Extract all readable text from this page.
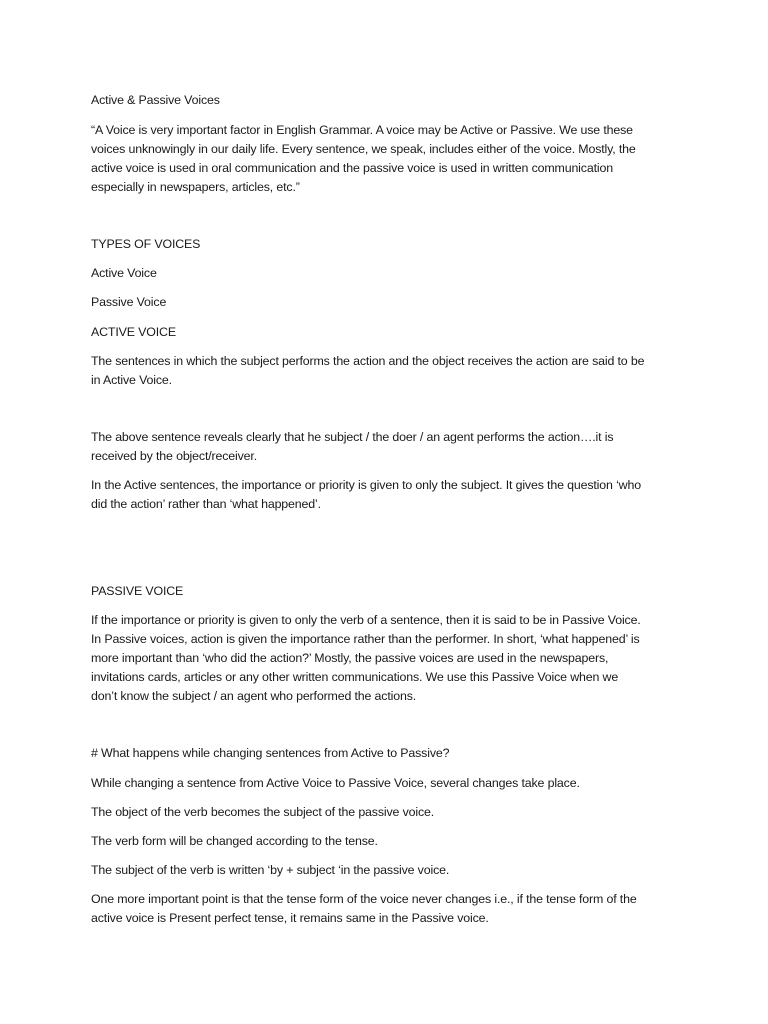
Active & Passive Voices
“A Voice is very important factor in English Grammar. A voice may be Active or Passive. We use these
voices unknowingly in our daily life. Every sentence, we speak, includes either of the voice. Mostly, the
active voice is used in oral communication and the passive voice is used in written communication
especially in newspapers, articles, etc.”
TYPES OF VOICES
Active Voice
Passive Voice
ACTIVE VOICE
The sentences in which the subject performs the action and the object receives the action are said to be
in Active Voice.
The above sentence reveals clearly that he subject / the doer / an agent performs the action….it is
received by the object/receiver.
In the Active sentences, the importance or priority is given to only the subject. It gives the question ‘who
did the action’ rather than ‘what happened’.
PASSIVE VOICE
If the importance or priority is given to only the verb of a sentence, then it is said to be in Passive Voice.
In Passive voices, action is given the importance rather than the performer. In short, ‘what happened’ is
more important than ‘who did the action?’ Mostly, the passive voices are used in the newspapers,
invitations cards, articles or any other written communications. We use this Passive Voice when we
don’t know the subject / an agent who performed the actions.
# What happens while changing sentences from Active to Passive?
While changing a sentence from Active Voice to Passive Voice, several changes take place.
The object of the verb becomes the subject of the passive voice.
The verb form will be changed according to the tense.
The subject of the verb is written ‘by + subject ‘in the passive voice.
One more important point is that the tense form of the voice never changes i.e., if the tense form of the
active voice is Present perfect tense, it remains same in the Passive voice.
